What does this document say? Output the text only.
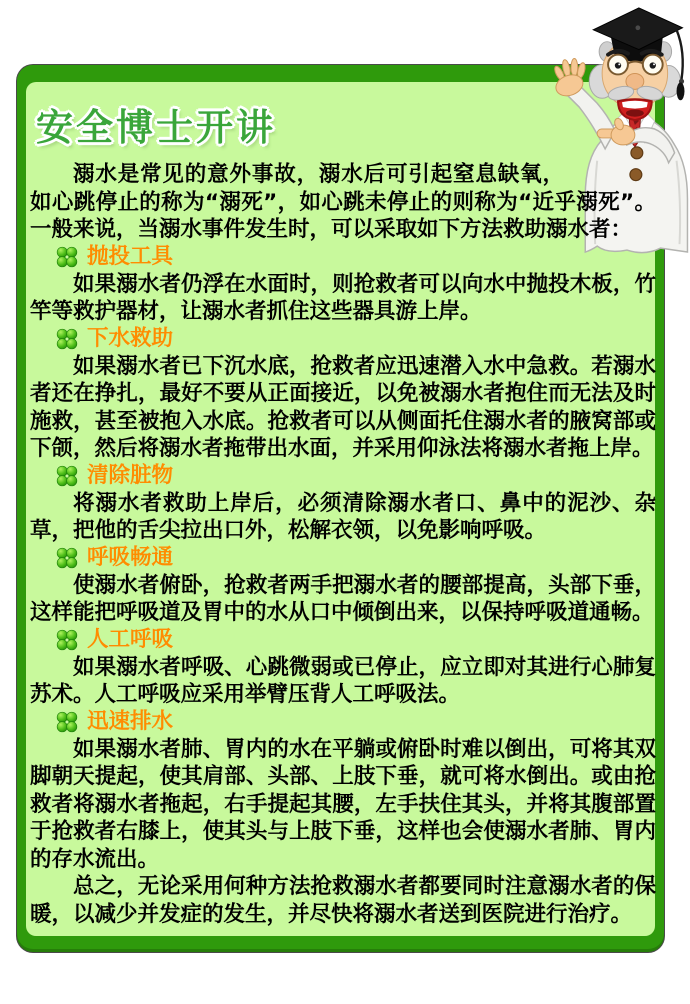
安全博士开讲

溺水是常见的意外事故，溺水后可引起窒息缺氧，如心跳停止的称为“溺死”，如心跳未停止的则称为“近乎溺死”。一般来说，当溺水事件发生时，可以采取如下方法救助溺水者：

抛投工具

如果溺水者仍浮在水面时，则抢救者可以向水中抛投木板，竹竿等救护器材，让溺水者抓住这些器具游上岸。

下水救助

如果溺水者已下沉水底，抢救者应迅速潜入水中急救。若溺水者还在挣扎，最好不要从正面接近，以免被溺水者抱住而无法及时施救，甚至被抱入水底。抢救者可以从侧面托住溺水者的腋窝部或下颌，然后将溺水者拖带出水面，并采用仰泳法将溺水者拖上岸。

清除脏物

将溺水者救助上岸后，必须清除溺水者口、鼻中的泥沙、杂草，把他的舌尖拉出口外，松解衣领，以免影响呼吸。

呼吸畅通

使溺水者俯卧，抢救者两手把溺水者的腰部提高，头部下垂，这样能把呼吸道及胃中的水从口中倾倒出来，以保持呼吸道通畅。

人工呼吸

如果溺水者呼吸、心跳微弱或已停止，应立即对其进行心肺复苏术。人工呼吸应采用举臂压背人工呼吸法。

迅速排水

如果溺水者肺、胃内的水在平躺或俯卧时难以倒出，可将其双脚朝天提起，使其肩部、头部、上肢下垂，就可将水倒出。或由抢救者将溺水者拖起，右手提起其腰，左手扶住其头，并将其腹部置于抢救者右膝上，使其头与上肢下垂，这样也会使溺水者肺、胃内的存水流出。

总之，无论采用何种方法抢救溺水者都要同时注意溺水者的保暖，以减少并发症的发生，并尽快将溺水者送到医院进行治疗。
